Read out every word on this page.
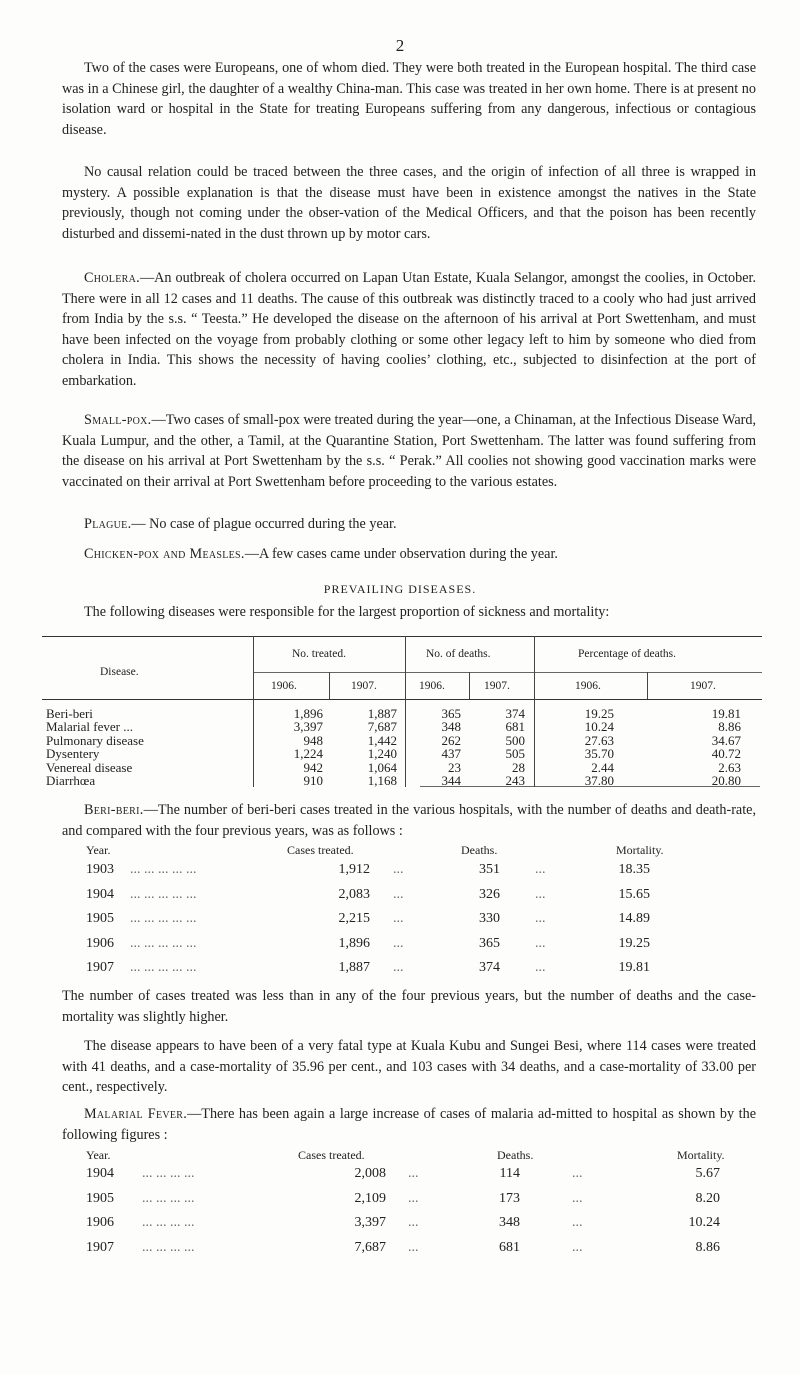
2

Two of the cases were Europeans, one of whom died. They were both treated in the European hospital. The third case was in a Chinese girl, the daughter of a wealthy China-man. This case was treated in her own home. There is at present no isolation ward or hospital in the State for treating Europeans suffering from any dangerous, infectious or contagious disease.

No causal relation could be traced between the three cases, and the origin of infection of all three is wrapped in mystery. A possible explanation is that the disease must have been in existence amongst the natives in the State previously, though not coming under the obser-vation of the Medical Officers, and that the poison has been recently disturbed and dissemi-nated in the dust thrown up by motor cars.

Cholera.—An outbreak of cholera occurred on Lapan Utan Estate, Kuala Selangor, amongst the coolies, in October. There were in all 12 cases and 11 deaths. The cause of this outbreak was distinctly traced to a cooly who had just arrived from India by the s.s. “ Teesta.” He developed the disease on the afternoon of his arrival at Port Swettenham, and must have been infected on the voyage from probably clothing or some other legacy left to him by someone who died from cholera in India. This shows the necessity of having coolies’ clothing, etc., subjected to disinfection at the port of embarkation.

Small-pox.—Two cases of small-pox were treated during the year—one, a Chinaman, at the Infectious Disease Ward, Kuala Lumpur, and the other, a Tamil, at the Quarantine Station, Port Swettenham. The latter was found suffering from the disease on his arrival at Port Swettenham by the s.s. “ Perak.” All coolies not showing good vaccination marks were vaccinated on their arrival at Port Swettenham before proceeding to the various estates.

Plague.— No case of plague occurred during the year.

Chicken-pox and Measles.—A few cases came under observation during the year.

PREVAILING DISEASES.

The following diseases were responsible for the largest proportion of sickness and mortality:

Disease.
No. treated.	No. of deaths.	Percentage of deaths.
1906.	1907.	1906.	1907.	1906.	1907.
Beri-beri	1,896	1,887	365	374	19.25	19.81
Malarial fever ...	3,397	7,687	348	681	10.24	8.86
Pulmonary disease	948	1,442	262	500	27.63	34.67
Dysentery	1,224	1,240	437	505	35.70	40.72
Venereal disease	942	1,064	23	28	2.44	2.63
Diarrhœa	910	1,168	344	243	37.80	20.80

Beri-beri.—The number of beri-beri cases treated in the various hospitals, with the number of deaths and death-rate, and compared with the four previous years, was as follows :

Year.	Cases treated.	Deaths.	Mortality.
1903 ... ... ... ... ...	1,912 ...	351	...	18.35
1904 ... ... ... ... ...	2,083 ...	326	...	15.65
1905 ... ... ... ... ...	2,215 ...	330	...	14.89
1906 ... ... ... ... ...	1,896 ...	365	...	19.25
1907 ... ... ... ... ...	1,887 ...	374	...	19.81

The number of cases treated was less than in any of the four previous years, but the number of deaths and the case-mortality was slightly higher.

The disease appears to have been of a very fatal type at Kuala Kubu and Sungei Besi, where 114 cases were treated with 41 deaths, and a case-mortality of 35.96 per cent., and 103 cases with 34 deaths, and a case-mortality of 33.00 per cent., respectively.

Malarial Fever.—There has been again a large increase of cases of malaria ad-mitted to hospital as shown by the following figures :

Year.	Cases treated.	Deaths.	Mortality.
1904 ... ... ... ...	2,008 ...	114	...	5.67
1905 ... ... ... ...	2,109 ...	173	...	8.20
1906 ... ... ... ...	3,397 ...	348	...	10.24
1907 ... ... ... ...	7,687 ...	681	...	8.86
